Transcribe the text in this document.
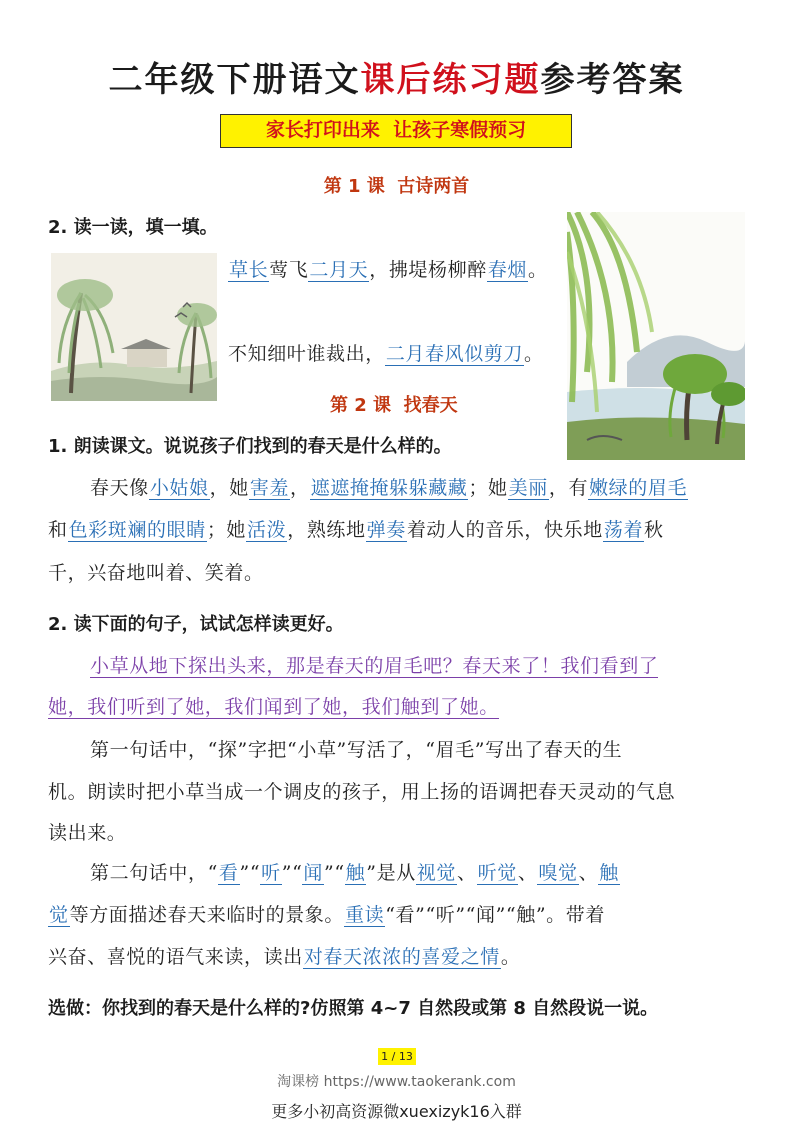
二年级下册语文课后练习题参考答案
家长打印出来  让孩子寒假预习
第 1 课  古诗两首
2. 读一读，填一填。
草长莺飞二月天，拂堤杨柳醉春烟。
不知细叶谁裁出，二月春风似剪刀。
第 2 课  找春天
1. 朗读课文。说说孩子们找到的春天是什么样的。
春天像小姑娘，她害羞，遮遮掩掩躲躲藏藏；她美丽，有嫩绿的眉毛
和色彩斑斓的眼睛；她活泼，熟练地弹奏着动人的音乐，快乐地荡着秋
千，兴奋地叫着、笑着。
2. 读下面的句子，试试怎样读更好。
小草从地下探出头来，那是春天的眉毛吧？春天来了！我们看到了
她，我们听到了她，我们闻到了她，我们触到了她。
第一句话中，“探”字把“小草”写活了，“眉毛”写出了春天的生
机。朗读时把小草当成一个调皮的孩子，用上扬的语调把春天灵动的气息
读出来。
第二句话中，“看”“听”“闻”“触”是从视觉、听觉、嗅觉、触
觉等方面描述春天来临时的景象。重读“看”“听”“闻”“触”。带着
兴奋、喜悦的语气来读，读出对春天浓浓的喜爱之情。
选做：你找到的春天是什么样的?仿照第 4~7 自然段或第 8 自然段说一说。
1 / 13
淘课榜 https://www.taokerank.com
更多小初高资源微xuexizyk16入群
